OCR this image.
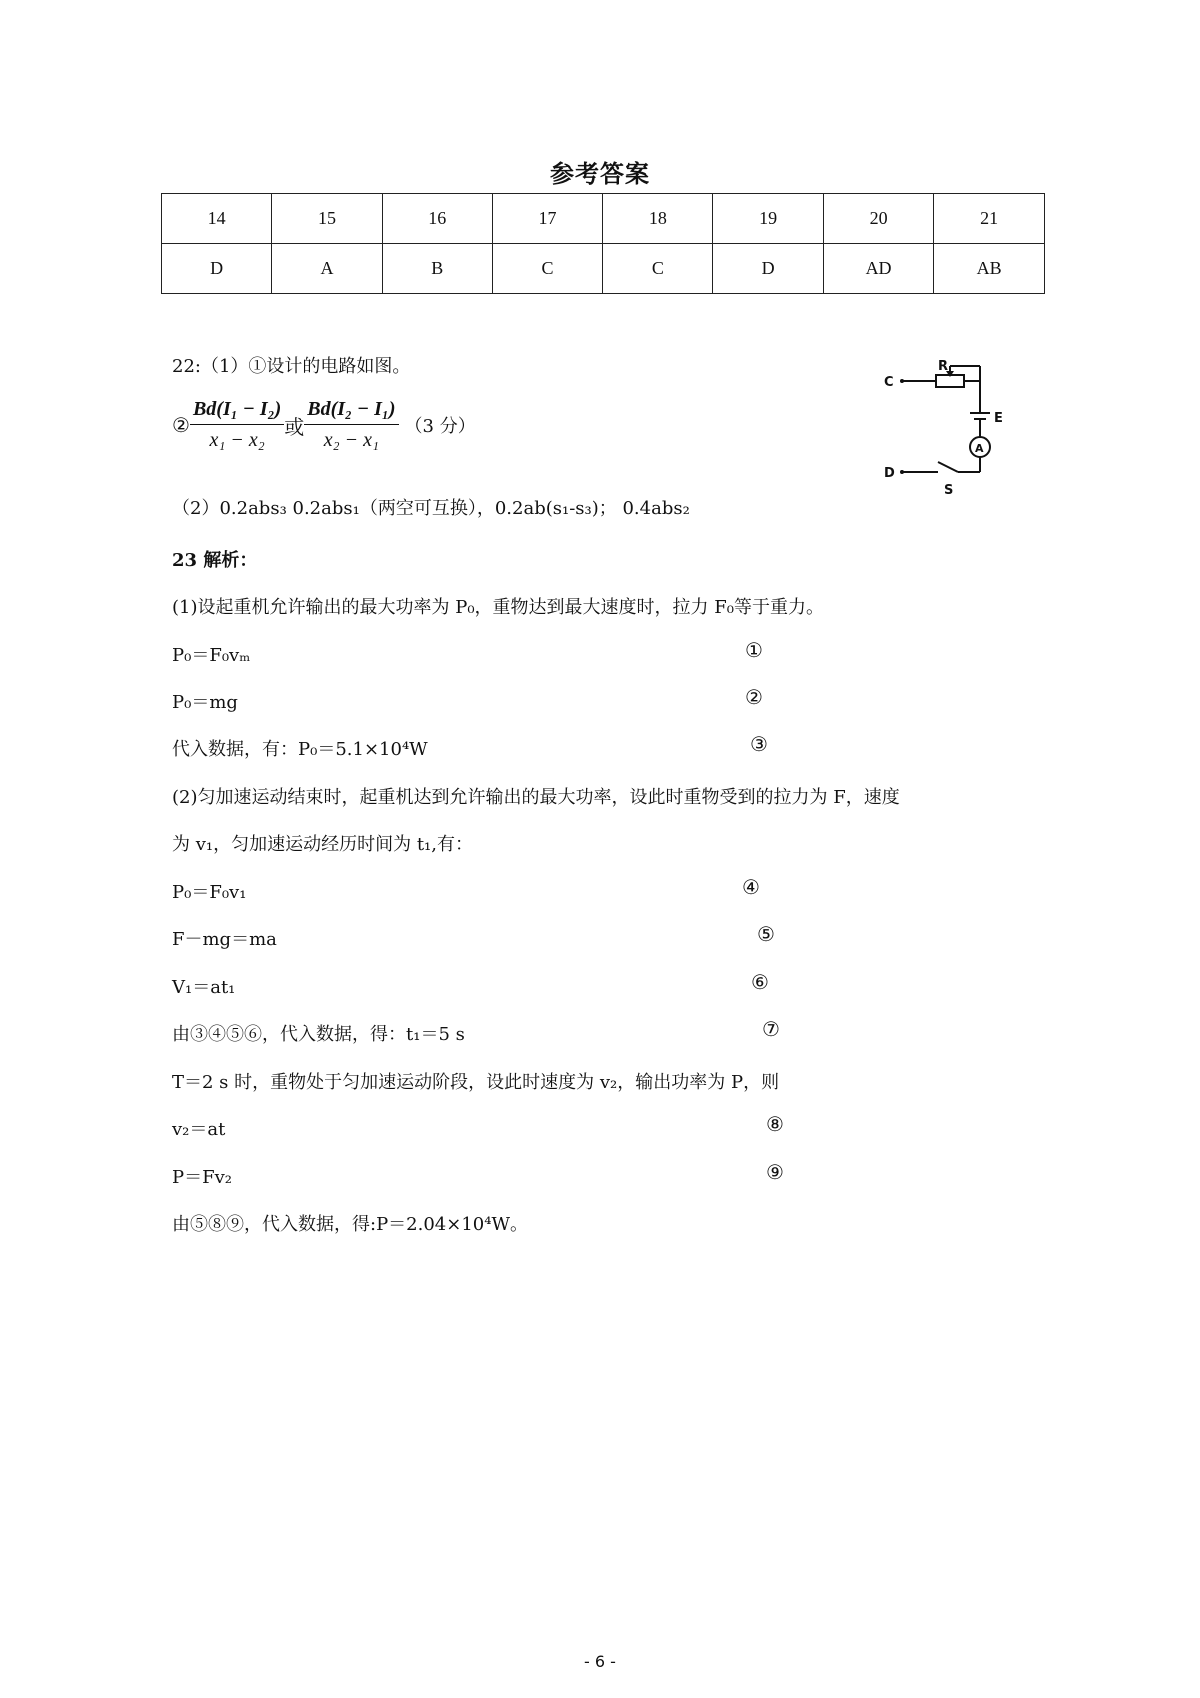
参考答案
14	15	16	17	18	19	20	21
D	A	B	C	C	D	AD	AB
22:（1）①设计的电路如图。
② $\frac{\text{Bd(I₁ − I₂)}}{\text{x₁ − x₂}}$ 或 $\frac{\text{Bd(I₂ − I₁)}}{\text{x₂ − x₁}} (3$ 分）
（2）0.2abs₃ 0.2abs₁（两空可互换），0.2ab(s₁-s₃)； 0.4abs₂
C
R
E
A
D
S
23 解析：
(1)设起重机允许输出的最大功率为 P₀，重物达到最大速度时，拉力 F₀等于重力。
P₀＝F₀vₘ	①
P₀＝mg	②
代入数据，有：P₀＝5.1×10⁴W	③
(2)匀加速运动结束时，起重机达到允许输出的最大功率，设此时重物受到的拉力为 F，速度
为 v₁，匀加速运动经历时间为 t₁,有：
P₀＝F₀v₁	④
F－mg＝ma	⑤
V₁＝at₁	⑥
由③④⑤⑥，代入数据，得：t₁＝5 s	⑦
T＝2 s 时，重物处于匀加速运动阶段，设此时速度为 v₂，输出功率为 P，则
v₂＝at	⑧
P＝Fv₂	⑨
由⑤⑧⑨，代入数据，得:P＝2.04×10⁴W。
- 6 -
